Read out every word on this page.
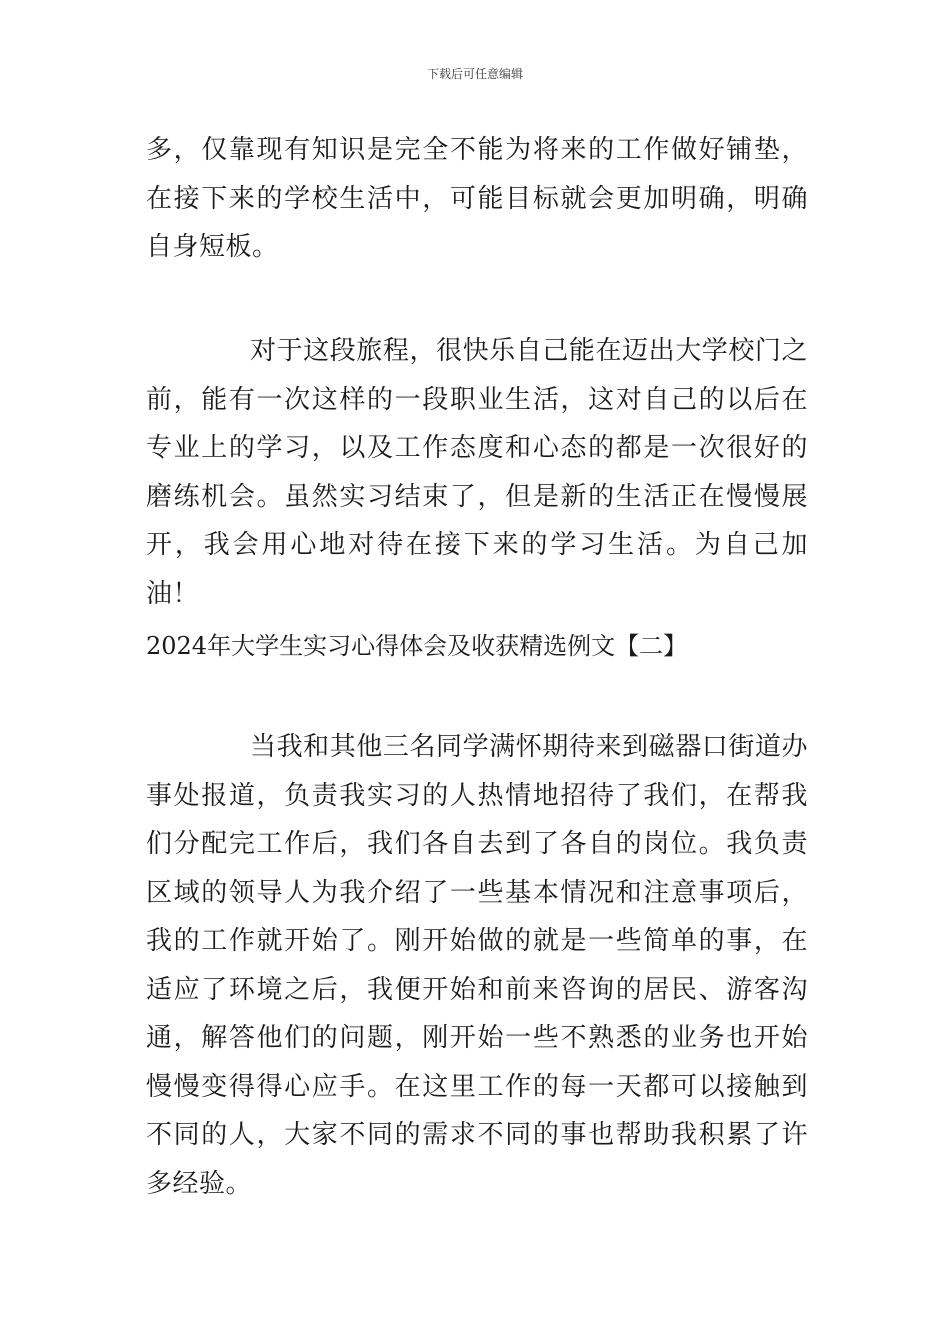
下载后可任意编辑

多，仅靠现有知识是完全不能为将来的工作做好铺垫，在接下来的学校生活中，可能目标就会更加明确，明确自身短板。

对于这段旅程，很快乐自己能在迈出大学校门之前，能有一次这样的一段职业生活，这对自己的以后在专业上的学习，以及工作态度和心态的都是一次很好的磨练机会。虽然实习结束了，但是新的生活正在慢慢展开，我会用心地对待在接下来的学习生活。为自己加油！

2024年大学生实习心得体会及收获精选例文【二】

当我和其他三名同学满怀期待来到磁器口街道办事处报道，负责我实习的人热情地招待了我们，在帮我们分配完工作后，我们各自去到了各自的岗位。我负责区域的领导人为我介绍了一些基本情况和注意事项后，我的工作就开始了。刚开始做的就是一些简单的事，在适应了环境之后，我便开始和前来咨询的居民、游客沟通，解答他们的问题，刚开始一些不熟悉的业务也开始慢慢变得得心应手。在这里工作的每一天都可以接触到不同的人，大家不同的需求不同的事也帮助我积累了许多经验。
